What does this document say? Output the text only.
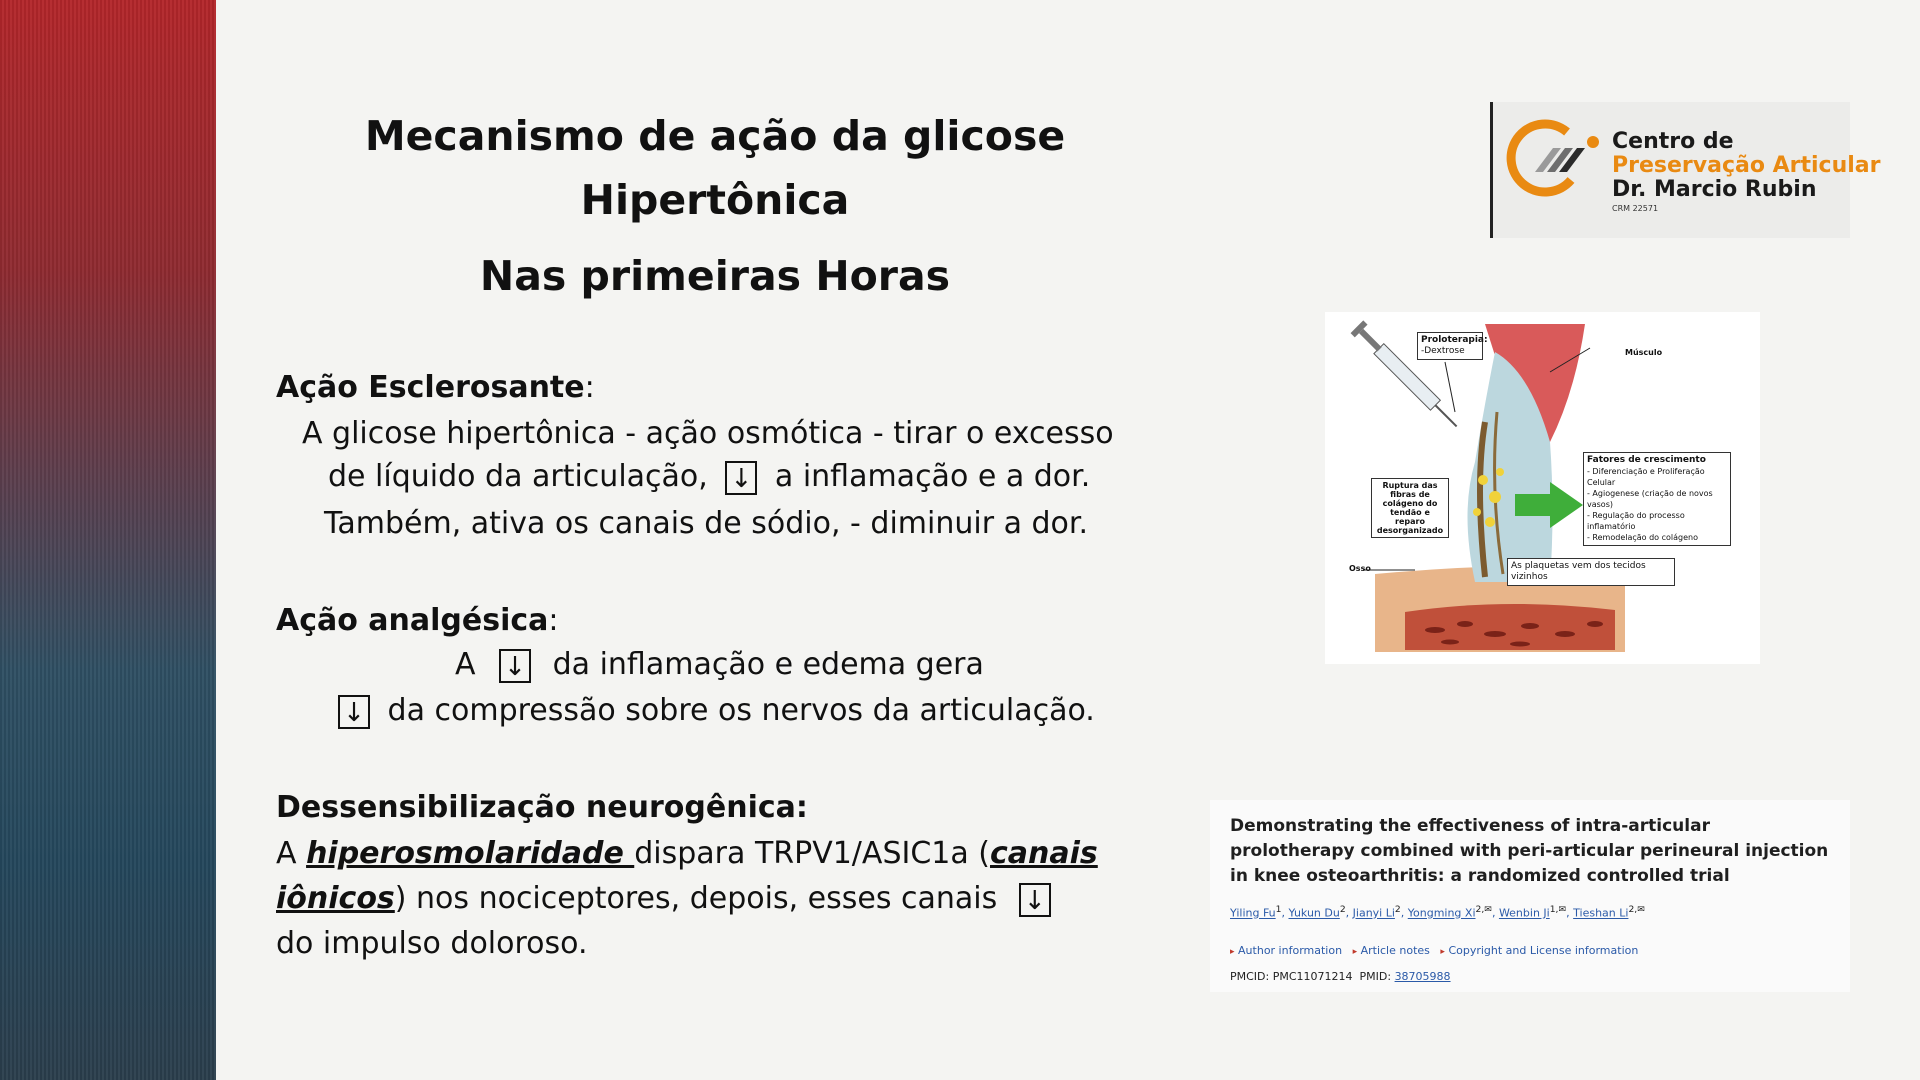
Mecanismo de ação da glicose
Hipertônica
Nas primeiras Horas
Ação Esclerosante:
A glicose hipertônica - ação osmótica - tirar o excesso
de líquido da articulação, ↓ a inflamação e a dor.
Também, ativa os canais de sódio, - diminuir a dor.
Ação analgésica:
A ↓ da inflamação e edema gera
↓ da compressão sobre os nervos da articulação.
Dessensibilização neurogênica:
A hiperosmolaridade dispara TRPV1/ASIC1a (canais
iônicos) nos nociceptores, depois, esses canais ↓
do impulso doloroso.
Centro de
Preservação Articular
Dr. Marcio Rubin
CRM 22571
Proloterapia:
-Dextrose	Músculo
Fatores de crescimento
- Diferenciação e Proliferação Celular
- Agiogenese (criação de novos vasos)
- Regulação do processo inflamatório
- Remodelação do colágeno
Ruptura das fibras de colágeno do tendão e reparo desorganizado
Osso	As plaquetas vem dos tecidos vizinhos
Demonstrating the effectiveness of intra-articular prolotherapy combined with peri-articular perineural injection in knee osteoarthritis: a randomized controlled trial
Yiling Fu$^1$, Yukun Du$^2$, Jianyi Li$^2$, Yongming $Xi^{2,✉}$, Wenbin $Ji^{1,✉}$, Tieshan $Li^{2,✉}$
▸ Author information ▸ Article notes ▸ Copyright and License information
PMCID: PMC11071214 PMID: 38705988
